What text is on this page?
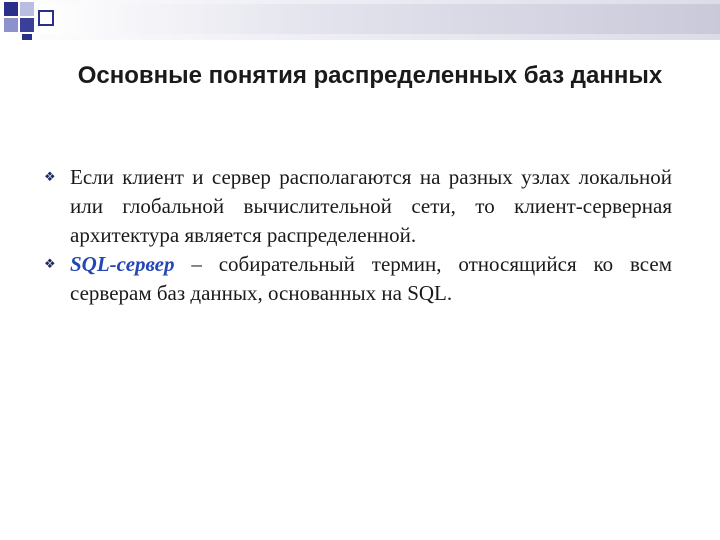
Основные понятия распределенных баз данных
❖ Если клиент и сервер располагаются на разных узлах локальной или глобальной вычислительной сети, то клиент-серверная архитектура является распределенной.
❖ SQL-сервер – собирательный термин, относящийся ко всем серверам баз данных, основанных на SQL.
